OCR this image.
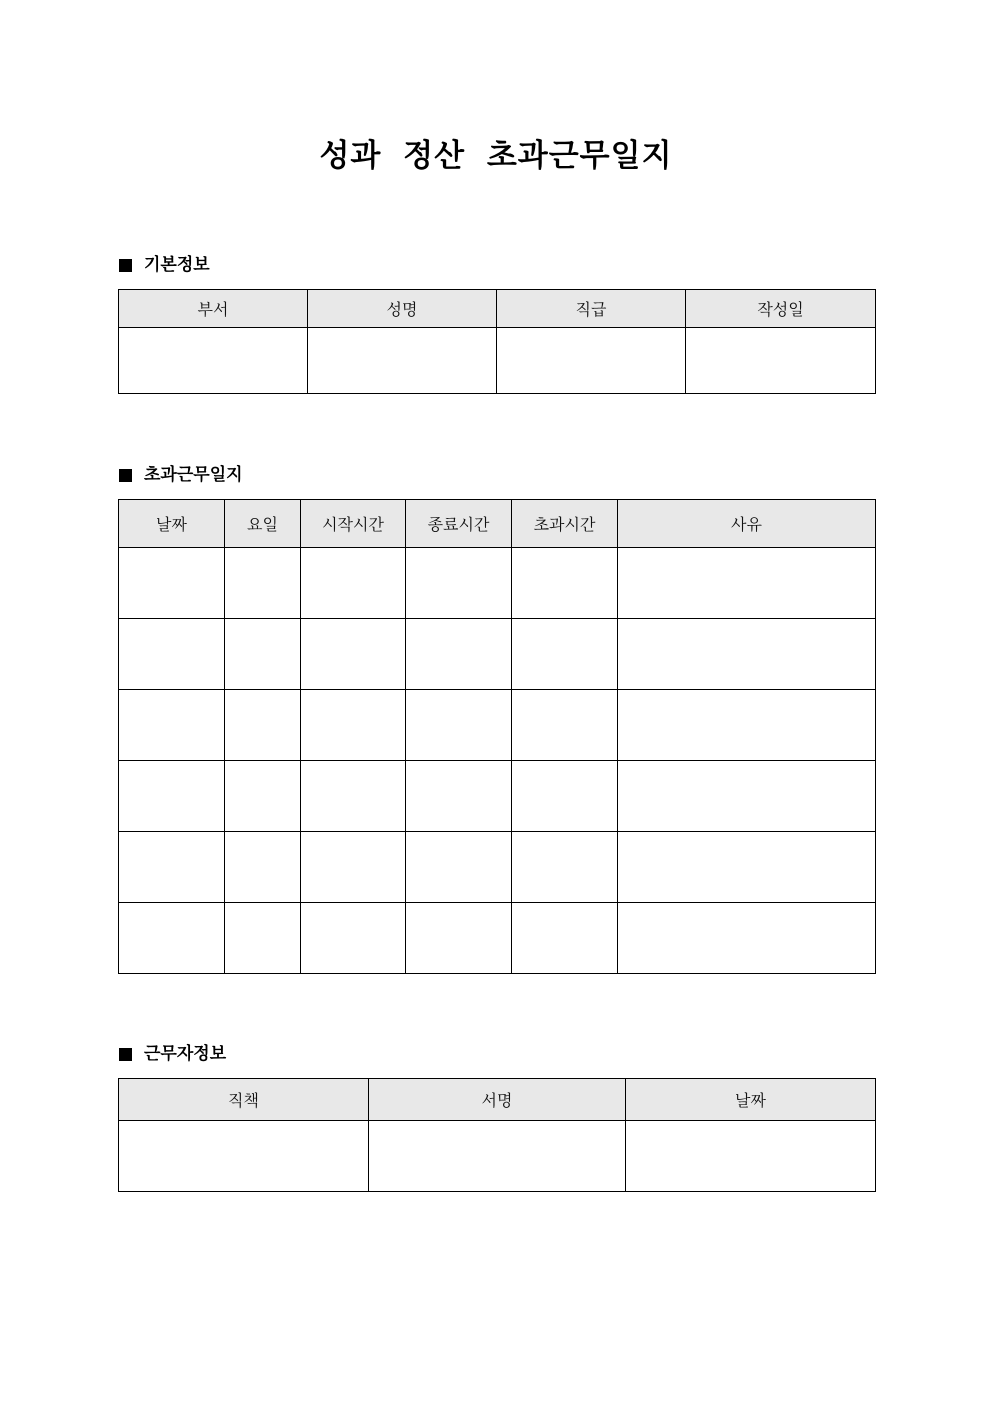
성과 정산 초과근무일지
기본정보
부서	성명	직급	작성일

초과근무일지
날짜	요일	시작시간	종료시간	초과시간	사유

근무자정보
직책	서명	날짜
